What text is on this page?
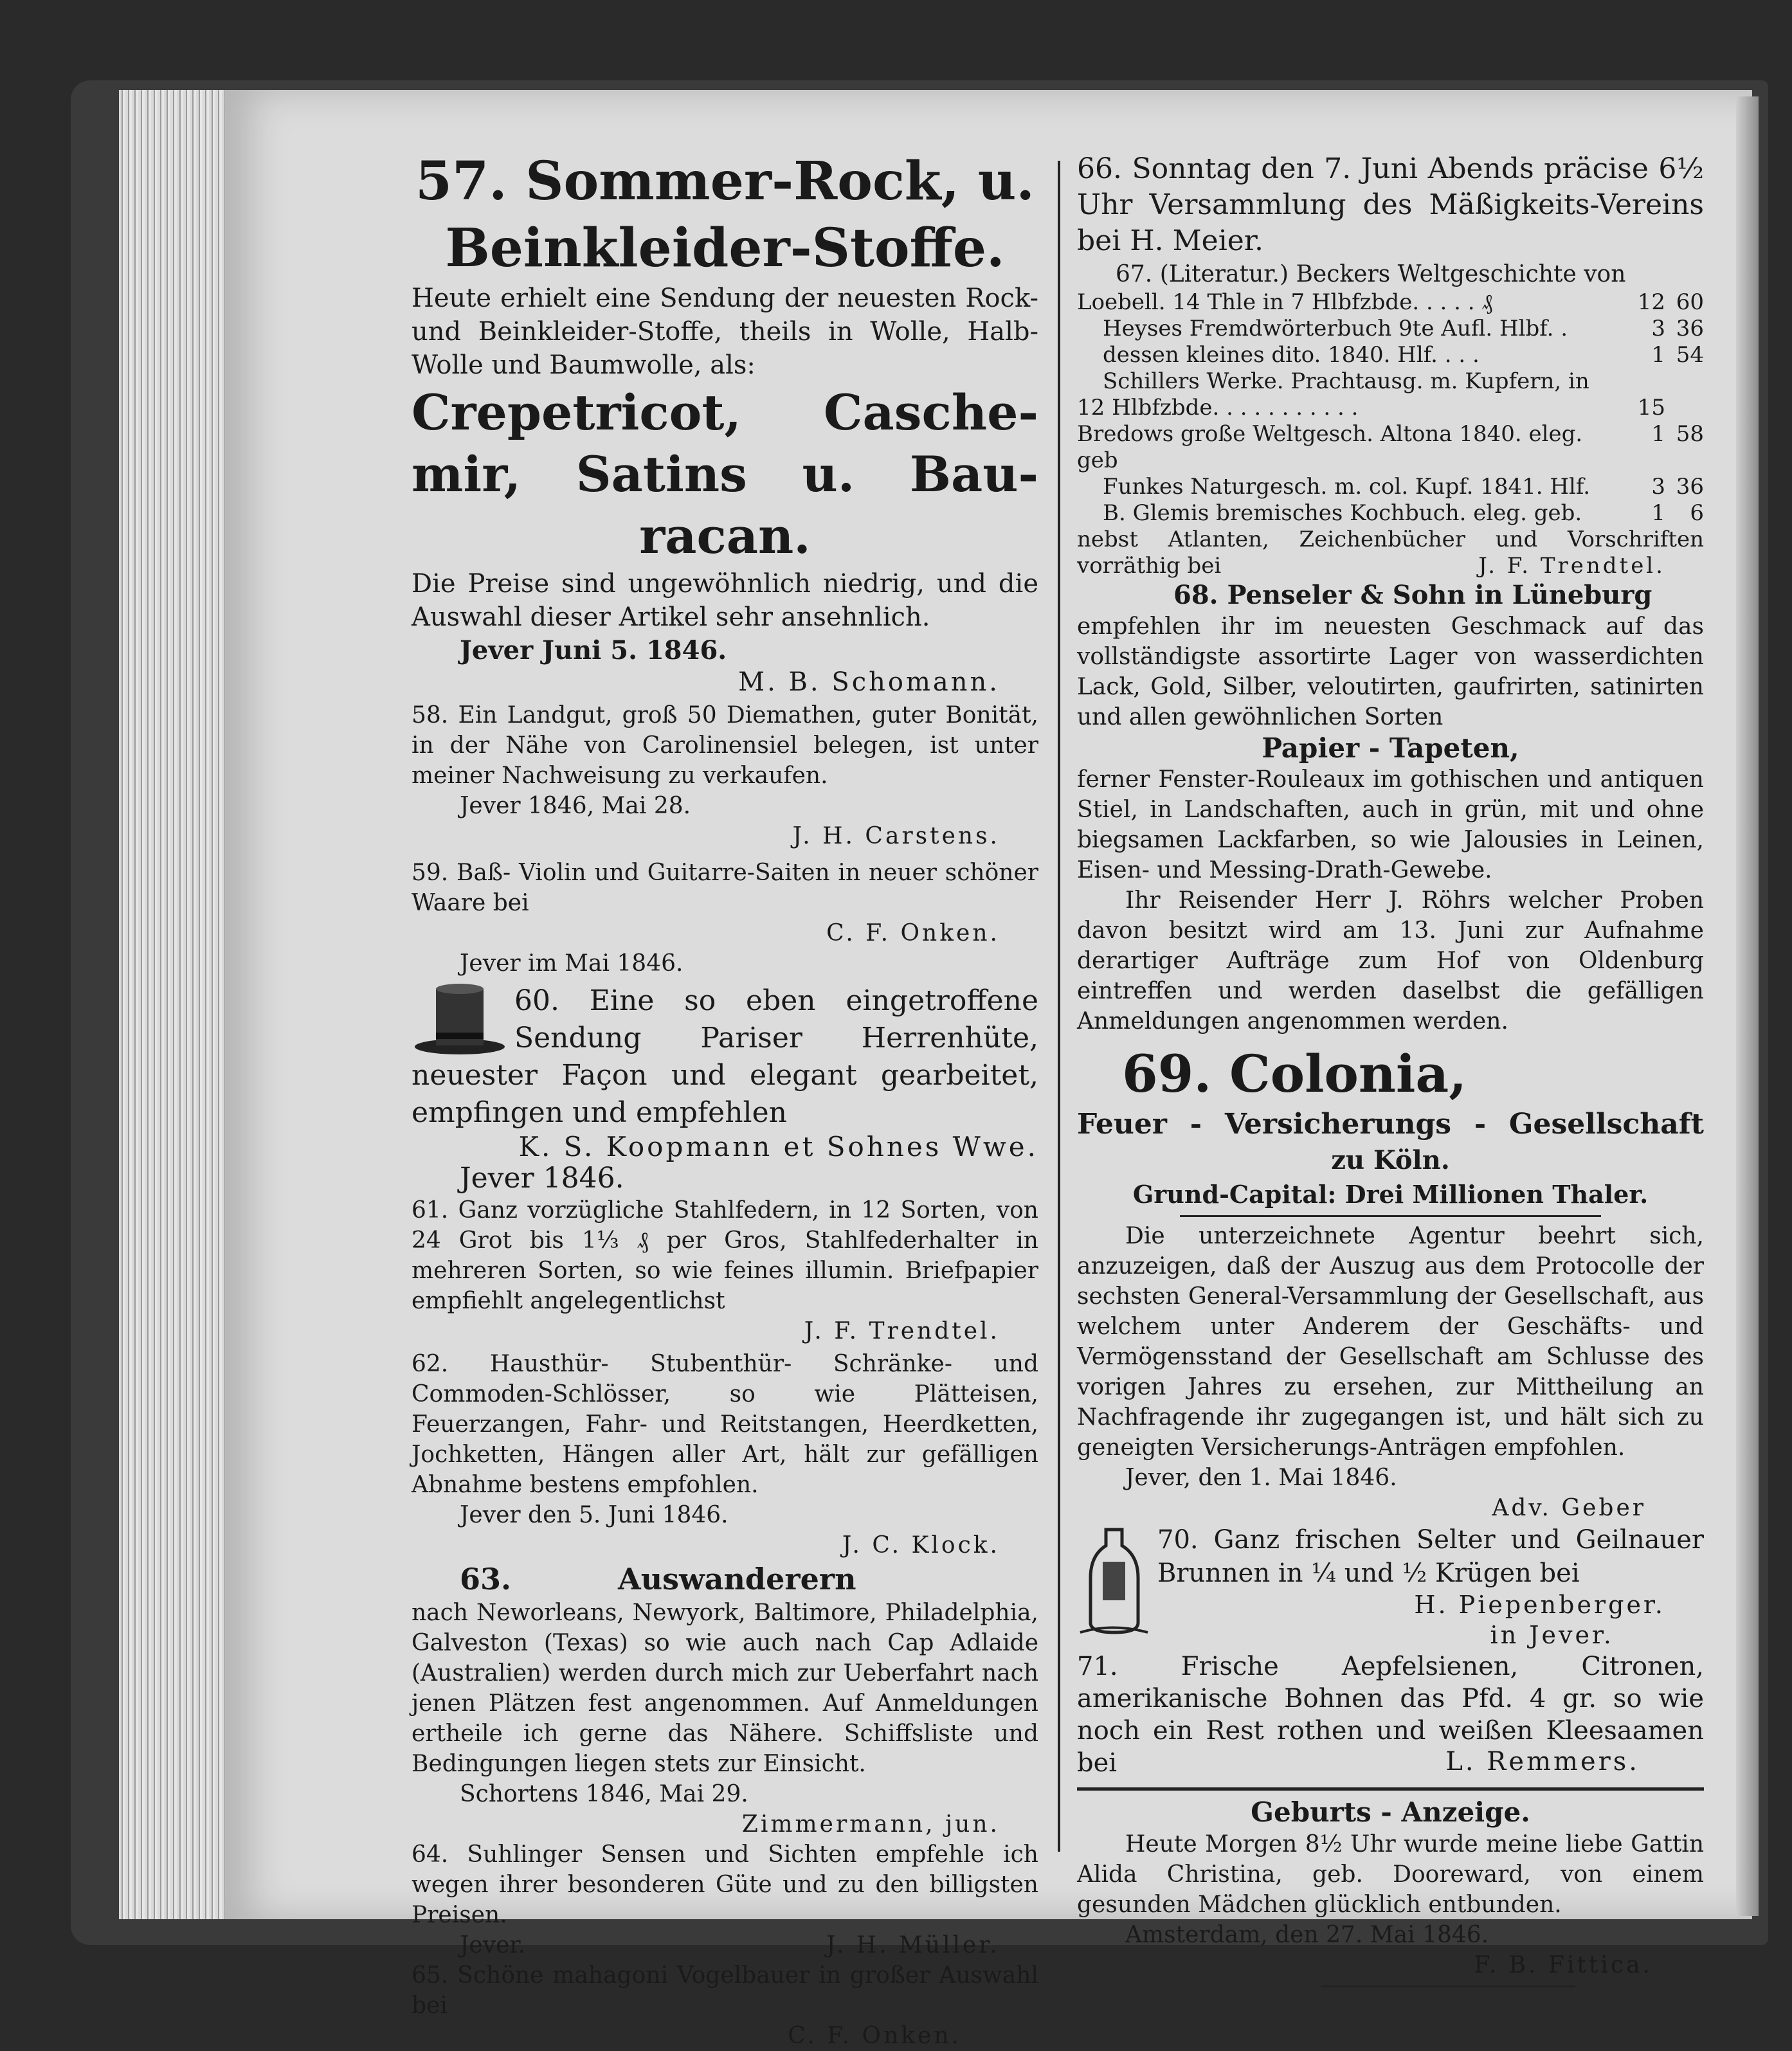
57. Sommer-Rock, u.
Beinkleider-Stoffe.

Heute erhielt eine Sendung der neuesten Rock- und Beinkleider-Stoffe, theils in Wolle, Halb-Wolle und Baumwolle, als:

Crepetricot, Casche-
mir, Satins u. Bau-
racan.

Die Preise sind ungewöhnlich niedrig, und die Auswahl dieser Artikel sehr ansehnlich.

Jever Juni 5. 1846.

M. B. Schomann.

58. Ein Landgut, groß 50 Diemathen, guter Bonität, in der Nähe von Carolinensiel belegen, ist unter meiner Nachweisung zu verkaufen.

Jever 1846, Mai 28.

J. H. Carstens.

59. Baß- Violin und Guitarre-Saiten in neuer schöner Waare bei

C. F. Onken.

Jever im Mai 1846.

60. Eine so eben eingetroffene Sendung Pariser Herrenhüte, neuester Façon und elegant gearbeitet, empfingen und empfehlen

K. S. Koopmann et Sohnes Wwe.

Jever 1846.

61. Ganz vorzügliche Stahlfedern, in 12 Sorten, von 24 Grot bis 1⅓ ₰ per Gros, Stahlfederhalter in mehreren Sorten, so wie feines illumin. Briefpapier empfiehlt angelegentlichst

J. F. Trendtel.

62. Hausthür- Stubenthür- Schränke- und Commoden-Schlösser, so wie Plätteisen, Feuerzangen, Fahr- und Reitstangen, Heerdketten, Jochketten, Hängen aller Art, hält zur gefälligen Abnahme bestens empfohlen.

Jever den 5. Juni 1846.

J. C. Klock.

63.	Auswanderern

nach Neworleans, Newyork, Baltimore, Philadelphia, Galveston (Texas) so wie auch nach Cap Adlaide (Australien) werden durch mich zur Ueberfahrt nach jenen Plätzen fest angenommen. Auf Anmeldungen ertheile ich gerne das Nähere. Schiffsliste und Bedingungen liegen stets zur Einsicht.

Schortens 1846, Mai 29.

Zimmermann, jun.

64. Suhlinger Sensen und Sichten empfehle ich wegen ihrer besonderen Güte und zu den billigsten Preisen.

Jever.	J. H. Müller.

65. Schöne mahagoni Vogelbauer in großer Auswahl bei

C. F. Onken.

66. Sonntag den 7. Juni Abends präcise 6½ Uhr Versammlung des Mäßigkeits-Vereins bei H. Meier.

67. (Literatur.) Beckers Weltgeschichte von

Loebell. 14 Thle in 7 Hlbfzbde. . . . . ₰	12	60
Heyses Fremdwörterbuch 9te Aufl. Hlbf. .	3	36
dessen kleines dito. 1840. Hlf. . . .	1	54
Schillers Werke. Prachtausg. m. Kupfern, in		
12 Hlbfzbde. . . . . . . . . . .	15	
Bredows große Weltgesch. Altona 1840. eleg. geb	1	58
Funkes Naturgesch. m. col. Kupf. 1841. Hlf.	3	36
B. Glemis bremisches Kochbuch. eleg. geb.	1	6

nebst Atlanten, Zeichenbücher und Vorschriften vorräthig bei	J. F. Trendtel.

68. Penseler & Sohn in Lüneburg

empfehlen ihr im neuesten Geschmack auf das vollständigste assortirte Lager von wasserdichten Lack, Gold, Silber, veloutirten, gaufrirten, satinirten und allen gewöhnlichen Sorten

Papier - Tapeten,

ferner Fenster-Rouleaux im gothischen und antiquen Stiel, in Landschaften, auch in grün, mit und ohne biegsamen Lackfarben, so wie Jalousies in Leinen, Eisen- und Messing-Drath-Gewebe.

Ihr Reisender Herr J. Röhrs welcher Proben davon besitzt wird am 13. Juni zur Aufnahme derartiger Aufträge zum Hof von Oldenburg eintreffen und werden daselbst die gefälligen Anmeldungen angenommen werden.

69. Colonia,

Feuer - Versicherungs - Gesellschaft

zu Köln.

Grund-Capital: Drei Millionen Thaler.

Die unterzeichnete Agentur beehrt sich, anzuzeigen, daß der Auszug aus dem Protocolle der sechsten General-Versammlung der Gesellschaft, aus welchem unter Anderem der Geschäfts- und Vermögensstand der Gesellschaft am Schlusse des vorigen Jahres zu ersehen, zur Mittheilung an Nachfragende ihr zugegangen ist, und hält sich zu geneigten Versicherungs-Anträgen empfohlen.

Jever, den 1. Mai 1846.

Adv. Geber

70. Ganz frischen Selter und Geilnauer Brunnen in ¼ und ½ Krügen bei

H. Piepenberger.

in Jever.

71. Frische Aepfelsienen, Citronen, amerikanische Bohnen das Pfd. 4 gr. so wie noch ein Rest rothen und weißen Kleesaamen bei	L. Remmers.

Geburts - Anzeige.

Heute Morgen 8½ Uhr wurde meine liebe Gattin Alida Christina, geb. Dooreward, von einem gesunden Mädchen glücklich entbunden.

Amsterdam, den 27. Mai 1846.

F. B. Fittica.
